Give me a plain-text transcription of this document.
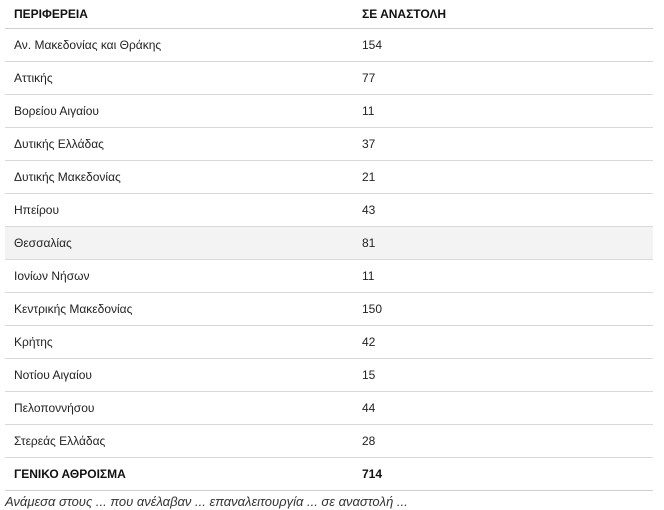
ΠΕΡΙΦΕΡΕΙΑ	ΣΕ ΑΝΑΣΤΟΛΗ
Αν. Μακεδονίας και Θράκης	154
Αττικής	77
Βορείου Αιγαίου	11
Δυτικής Ελλάδας	37
Δυτικής Μακεδονίας	21
Ηπείρου	43
Θεσσαλίας	81
Ιονίων Νήσων	11
Κεντρικής Μακεδονίας	150
Κρήτης	42
Νοτίου Αιγαίου	15
Πελοποννήσου	44
Στερεάς Ελλάδας	28
ΓΕΝΙΚΟ ΑΘΡΟΙΣΜΑ	714
Ανάμεσα στους ... που ανέλαβαν ... επαναλειτουργία ... σε αναστολή ...
